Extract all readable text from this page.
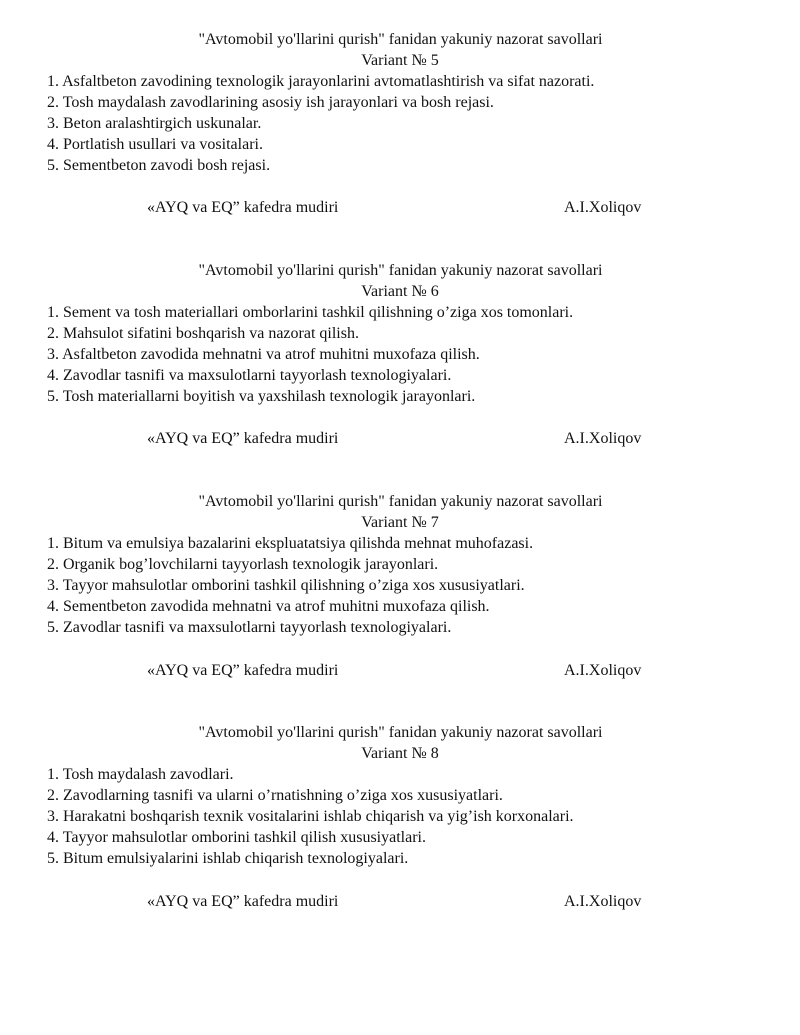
"Avtomobil yo'llarini qurish" fanidan yakuniy nazorat savollari
Variant № 5
1. Asfaltbeton zavodining texnologik jarayonlarini avtomatlashtirish va sifat nazorati.
2. Tosh maydalash zavodlarining asosiy ish jarayonlari va bosh rejasi.
3. Beton aralashtirgich uskunalar.
4. Portlatish usullari va vositalari.
5. Sementbeton zavodi bosh rejasi.
«AYQ va EQ” kafedra mudiri	A.I.Xoliqov
"Avtomobil yo'llarini qurish" fanidan yakuniy nazorat savollari
Variant № 6
1. Sement va tosh materiallari omborlarini tashkil qilishning o’ziga xos tomonlari.
2. Mahsulot sifatini boshqarish va nazorat qilish.
3. Asfaltbeton zavodida mehnatni va atrof muhitni muxofaza qilish.
4. Zavodlar tasnifi va maxsulotlarni tayyorlash texnologiyalari.
5. Tosh materiallarni boyitish va yaxshilash texnologik jarayonlari.
«AYQ va EQ” kafedra mudiri	A.I.Xoliqov
"Avtomobil yo'llarini qurish" fanidan yakuniy nazorat savollari
Variant № 7
1. Bitum va emulsiya bazalarini ekspluatatsiya qilishda mehnat muhofazasi.
2. Organik bog’lovchilarni tayyorlash texnologik jarayonlari.
3. Tayyor mahsulotlar omborini tashkil qilishning o’ziga xos xususiyatlari.
4. Sementbeton zavodida mehnatni va atrof muhitni muxofaza qilish.
5. Zavodlar tasnifi va maxsulotlarni tayyorlash texnologiyalari.
«AYQ va EQ” kafedra mudiri	A.I.Xoliqov
"Avtomobil yo'llarini qurish" fanidan yakuniy nazorat savollari
Variant № 8
1. Tosh maydalash zavodlari.
2. Zavodlarning tasnifi va ularni o’rnatishning o’ziga xos xususiyatlari.
3. Harakatni boshqarish texnik vositalarini ishlab chiqarish va yig’ish korxonalari.
4. Tayyor mahsulotlar omborini tashkil qilish xususiyatlari.
5. Bitum emulsiyalarini ishlab chiqarish texnologiyalari.
«AYQ va EQ” kafedra mudiri	A.I.Xoliqov
